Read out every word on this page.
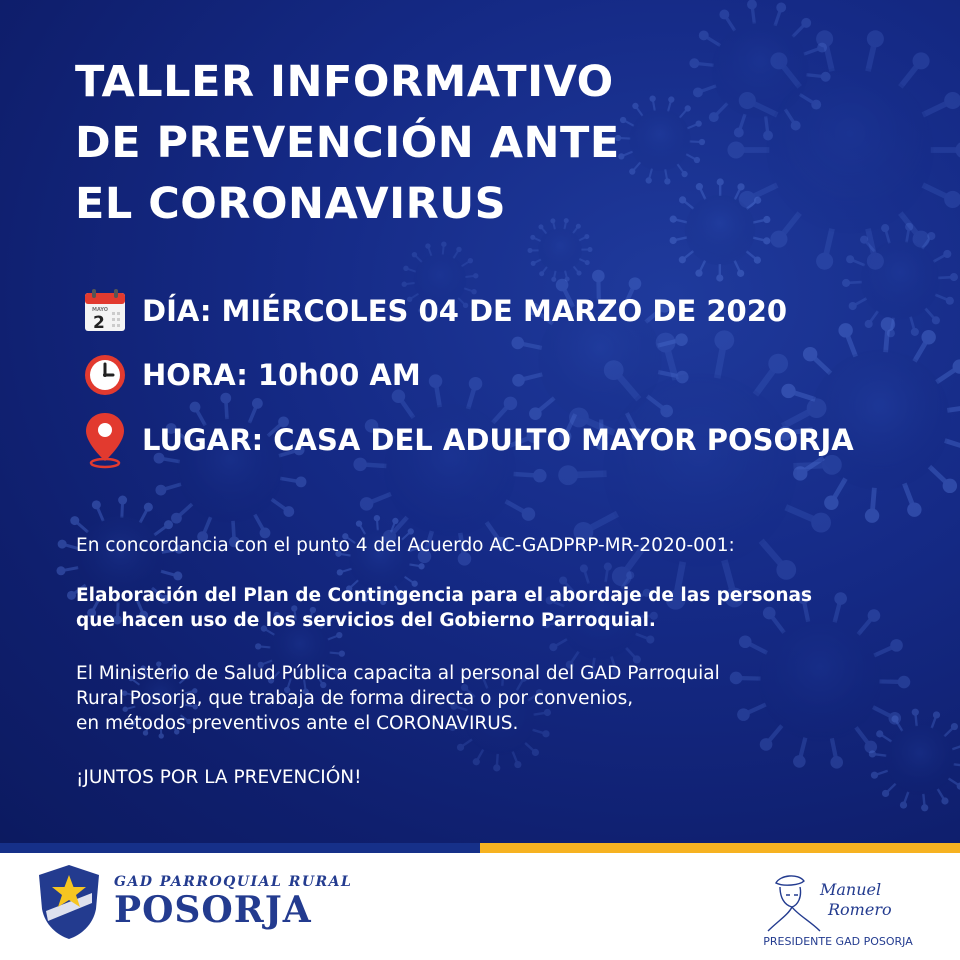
TALLER INFORMATIVO
DE PREVENCIÓN ANTE
EL CORONAVIRUS
MAYO
2 DÍA: MIÉRCOLES 04 DE MARZO DE 2020
HORA: 10h00 AM
LUGAR: CASA DEL ADULTO MAYOR POSORJA
En concordancia con el punto 4 del Acuerdo AC-GADPRP-MR-2020-001:
Elaboración del Plan de Contingencia para el abordaje de las personas
que hacen uso de los servicios del Gobierno Parroquial.
El Ministerio de Salud Pública capacita al personal del GAD Parroquial
Rural Posorja, que trabaja de forma directa o por convenios,
en métodos preventivos ante el CORONAVIRUS.
¡JUNTOS POR LA PREVENCIÓN!
GAD PARROQUIAL RURAL
POSORJA	Manuel
Romero
PRESIDENTE GAD POSORJA
